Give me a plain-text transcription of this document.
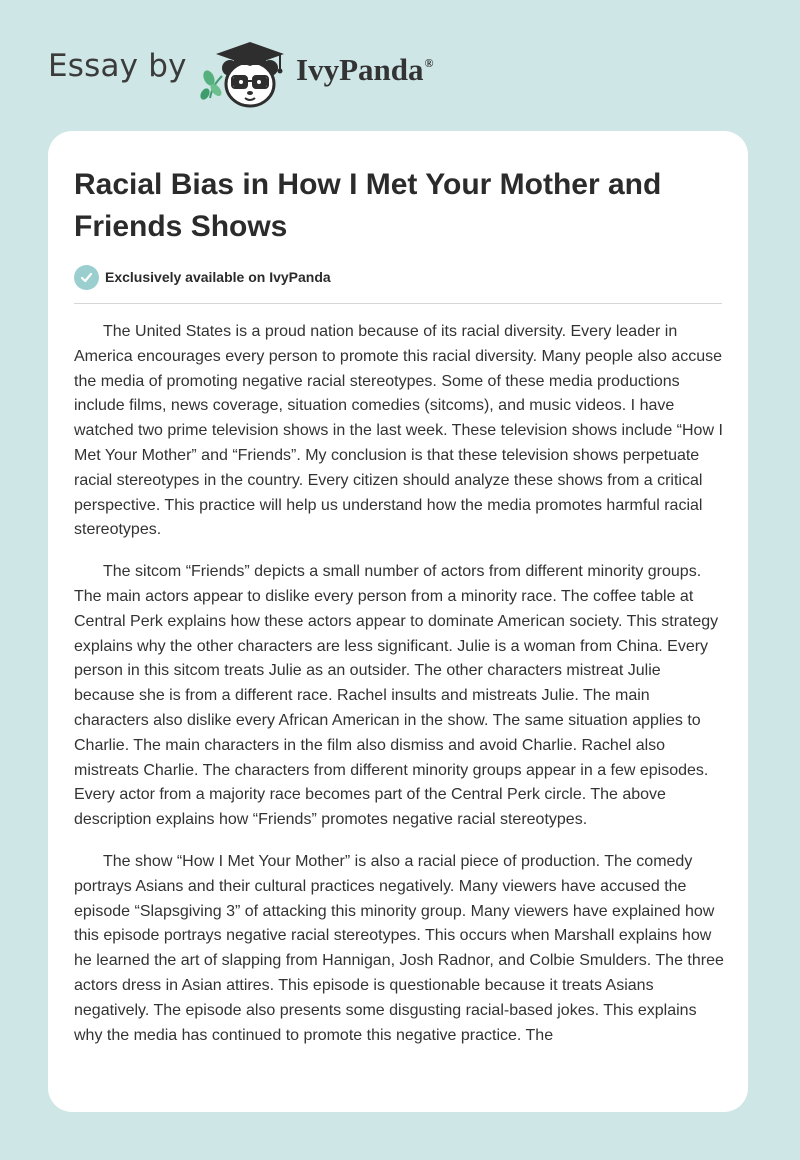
Essay by	IvyPanda®
Racial Bias in How I Met Your Mother and Friends Shows
Exclusively available on IvyPanda

The United States is a proud nation because of its racial diversity. Every leader in America encourages every person to promote this racial diversity. Many people also accuse the media of promoting negative racial stereotypes. Some of these media productions include films, news coverage, situation comedies (sitcoms), and music videos. I have watched two prime television shows in the last week. These television shows include “How I Met Your Mother” and “Friends”. My conclusion is that these television shows perpetuate racial stereotypes in the country. Every citizen should analyze these shows from a critical perspective. This practice will help us understand how the media promotes harmful racial stereotypes.

The sitcom “Friends” depicts a small number of actors from different minority groups. The main actors appear to dislike every person from a minority race. The coffee table at Central Perk explains how these actors appear to dominate American society. This strategy explains why the other characters are less significant. Julie is a woman from China. Every person in this sitcom treats Julie as an outsider. The other characters mistreat Julie because she is from a different race. Rachel insults and mistreats Julie. The main characters also dislike every African American in the show. The same situation applies to Charlie. The main characters in the film also dismiss and avoid Charlie. Rachel also mistreats Charlie. The characters from different minority groups appear in a few episodes. Every actor from a majority race becomes part of the Central Perk circle. The above description explains how “Friends” promotes negative racial stereotypes.

The show “How I Met Your Mother” is also a racial piece of production. The comedy portrays Asians and their cultural practices negatively. Many viewers have accused the episode “Slapsgiving 3” of attacking this minority group. Many viewers have explained how this episode portrays negative racial stereotypes. This occurs when Marshall explains how he learned the art of slapping from Hannigan, Josh Radnor, and Colbie Smulders. The three actors dress in Asian attires. This episode is questionable because it treats Asians negatively. The episode also presents some disgusting racial-based jokes. This explains why the media has continued to promote this negative practice. The
